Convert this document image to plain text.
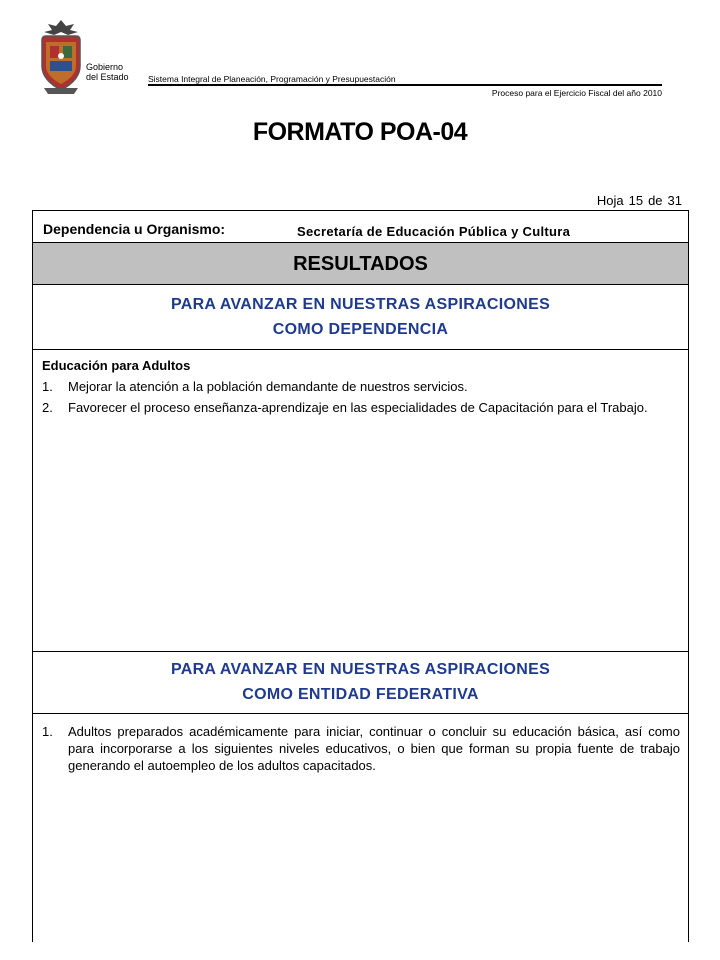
Gobierno
del Estado Sistema Integral de Planeación, Programación y Presupuestación
Proceso para el Ejercicio Fiscal del año 2010
FORMATO POA-04
Hoja 15 de 31
Dependencia u Organismo:	Secretaría de Educación Pública y Cultura
RESULTADOS
PARA AVANZAR EN NUESTRAS ASPIRACIONES
COMO DEPENDENCIA
Educación para Adultos
1.	Mejorar la atención a la población demandante de nuestros servicios.
2.	Favorecer el proceso enseñanza-aprendizaje en las especialidades de Capacitación para el Trabajo.
PARA AVANZAR EN NUESTRAS ASPIRACIONES
COMO ENTIDAD FEDERATIVA
1.	Adultos preparados académicamente para iniciar, continuar o concluir su educación básica, así como para incorporarse a los siguientes niveles educativos, o bien que forman su propia fuente de trabajo generando el autoempleo de los adultos capacitados.
